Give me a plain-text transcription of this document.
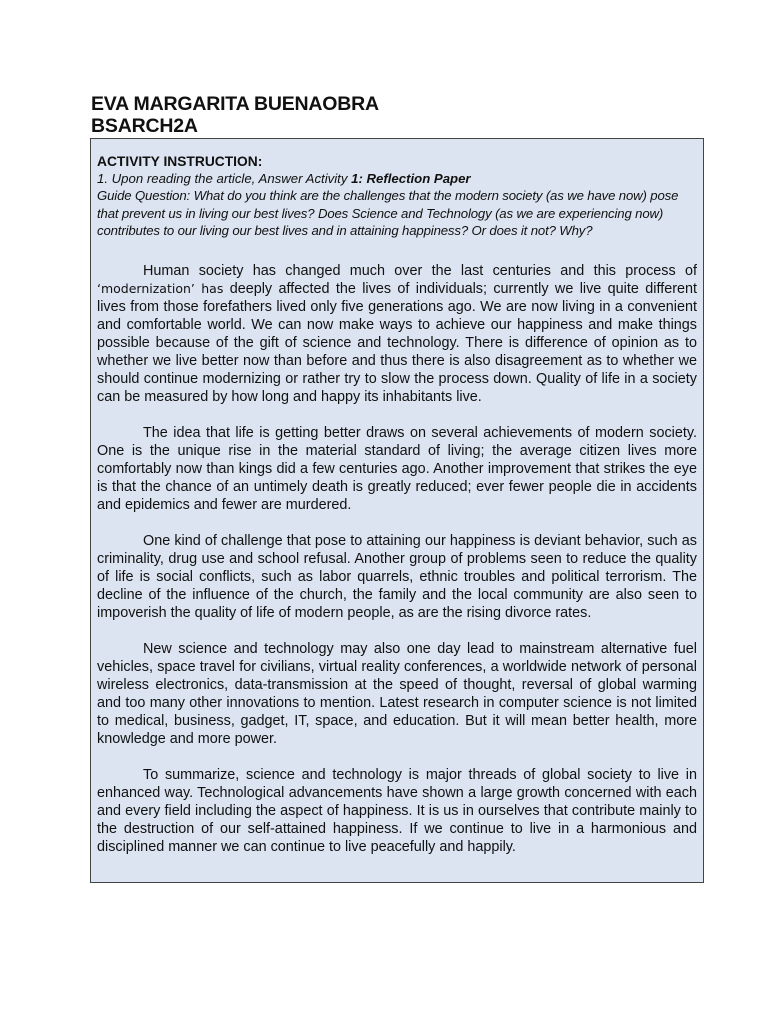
EVA MARGARITA BUENAOBRA
BSARCH2A
ACTIVITY INSTRUCTION:
1. Upon reading the article, Answer Activity 1: Reflection Paper
Guide Question: What do you think are the challenges that the modern society (as we have now) pose that prevent us in living our best lives? Does Science and Technology (as we are experiencing now) contributes to our living our best lives and in attaining happiness? Or does it not? Why?

Human society has changed much over the last centuries and this process of ‘modernization’ has deeply affected the lives of individuals; currently we live quite different lives from those forefathers lived only five generations ago. We are now living in a convenient and comfortable world. We can now make ways to achieve our happiness and make things possible because of the gift of science and technology. There is difference of opinion as to whether we live better now than before and thus there is also disagreement as to whether we should continue modernizing or rather try to slow the process down. Quality of life in a society can be measured by how long and happy its inhabitants live.

The idea that life is getting better draws on several achievements of modern society. One is the unique rise in the material standard of living; the average citizen lives more comfortably now than kings did a few centuries ago. Another improvement that strikes the eye is that the chance of an untimely death is greatly reduced; ever fewer people die in accidents and epidemics and fewer are murdered.

One kind of challenge that pose to attaining our happiness is deviant behavior, such as criminality, drug use and school refusal. Another group of problems seen to reduce the quality of life is social conflicts, such as labor quarrels, ethnic troubles and political terrorism. The decline of the influence of the church, the family and the local community are also seen to impoverish the quality of life of modern people, as are the rising divorce rates.

New science and technology may also one day lead to mainstream alternative fuel vehicles, space travel for civilians, virtual reality conferences, a worldwide network of personal wireless electronics, data-transmission at the speed of thought, reversal of global warming and too many other innovations to mention. Latest research in computer science is not limited to medical, business, gadget, IT, space, and education. But it will mean better health, more knowledge and more power.

To summarize, science and technology is major threads of global society to live in enhanced way. Technological advancements have shown a large growth concerned with each and every field including the aspect of happiness. It is us in ourselves that contribute mainly to the destruction of our self-attained happiness. If we continue to live in a harmonious and disciplined manner we can continue to live peacefully and happily.
